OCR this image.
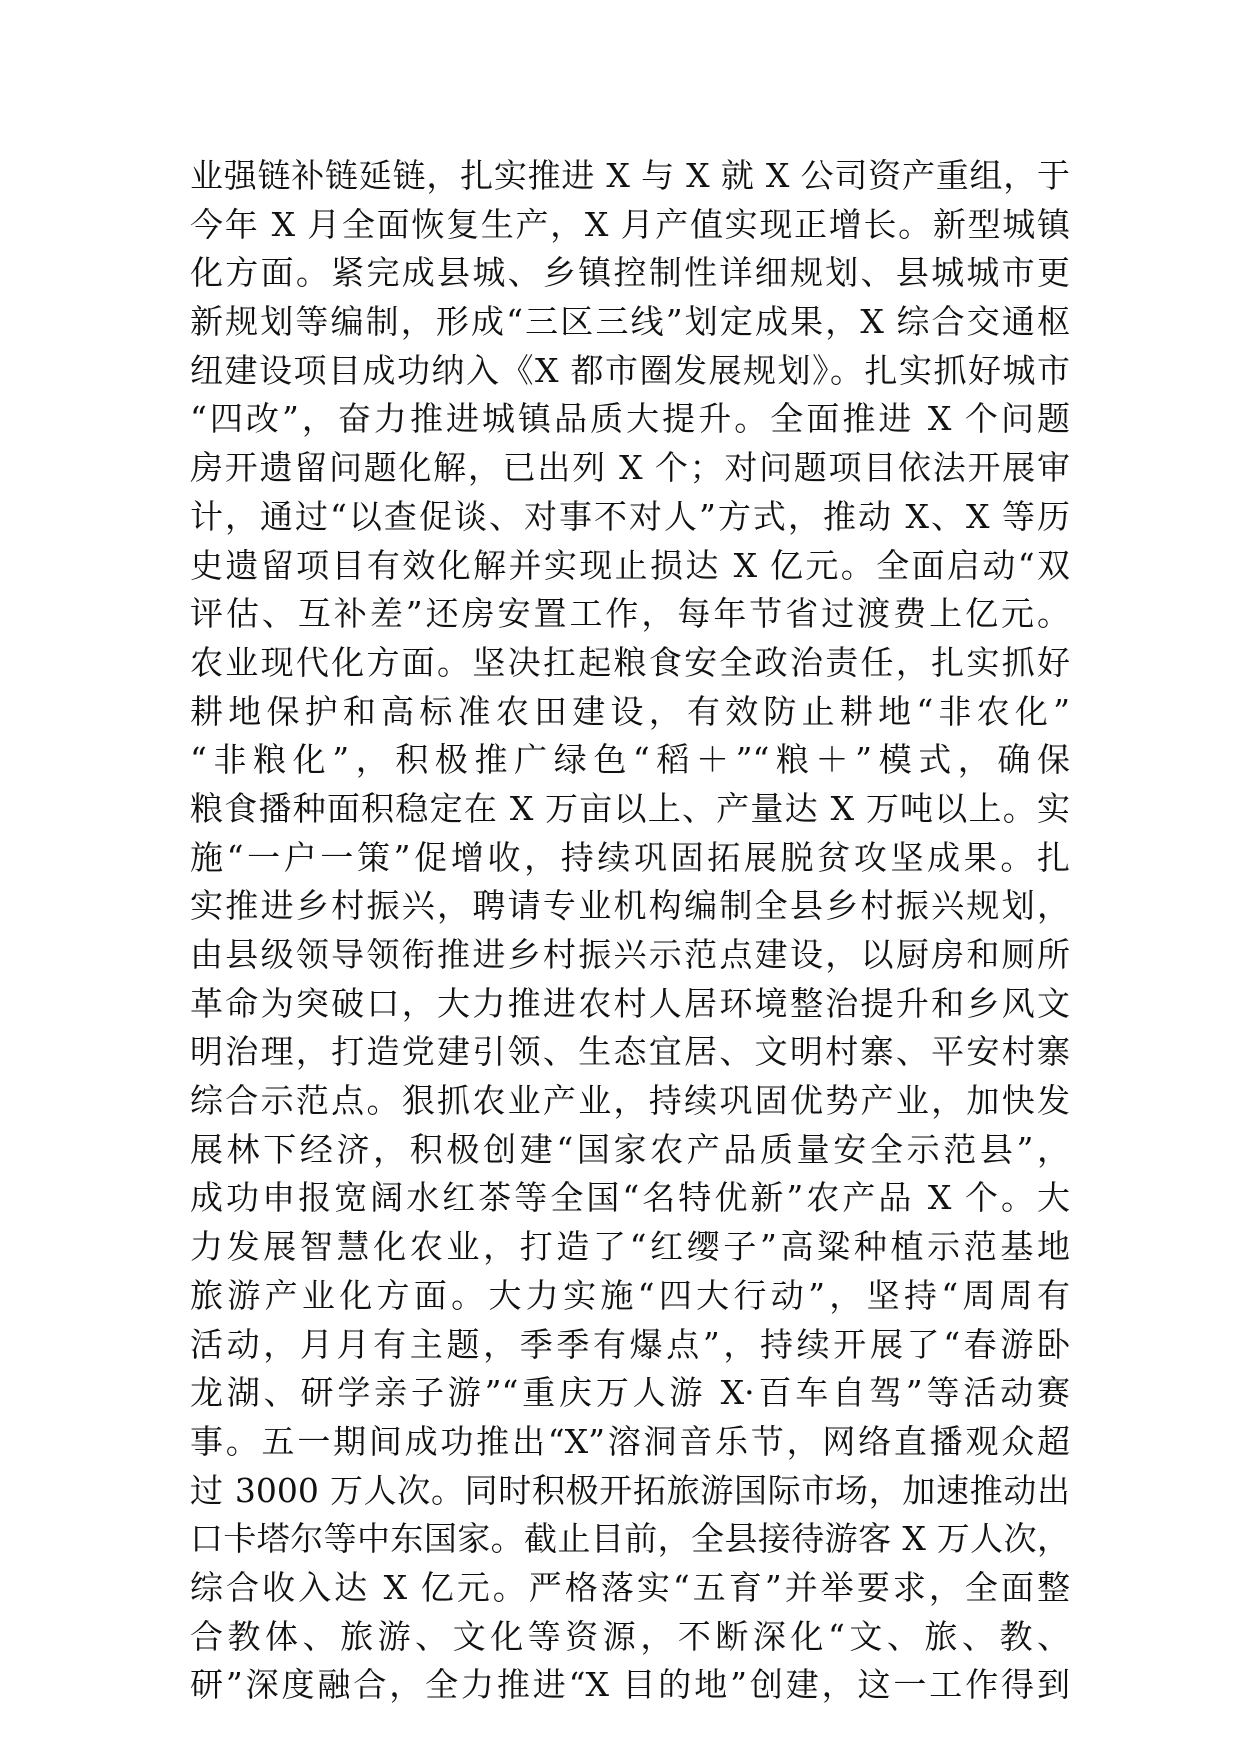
业强链补链延链，扎实推进 X 与 X 就 X 公司资产重组，于
今年 X 月全面恢复生产，X 月产值实现正增长。新型城镇
化方面。紧完成县城、乡镇控制性详细规划、县城城市更
新规划等编制，形成“三区三线”划定成果，X 综合交通枢
纽建设项目成功纳入《X 都市圈发展规划》。扎实抓好城市
“四改”，奋力推进城镇品质大提升。全面推进 X 个问题
房开遗留问题化解，已出列 X 个；对问题项目依法开展审
计，通过“以查促谈、对事不对人”方式，推动 X、X 等历
史遗留项目有效化解并实现止损达 X 亿元。全面启动“双
评估、互补差”还房安置工作，每年节省过渡费上亿元。
农业现代化方面。坚决扛起粮食安全政治责任，扎实抓好
耕地保护和高标准农田建设，有效防止耕地“非农化”
“非粮化”，积极推广绿色“稻＋”“粮＋”模式，确保
粮食播种面积稳定在 X 万亩以上、产量达 X 万吨以上。实
施“一户一策”促增收，持续巩固拓展脱贫攻坚成果。扎
实推进乡村振兴，聘请专业机构编制全县乡村振兴规划，
由县级领导领衔推进乡村振兴示范点建设，以厨房和厕所
革命为突破口，大力推进农村人居环境整治提升和乡风文
明治理，打造党建引领、生态宜居、文明村寨、平安村寨
综合示范点。狠抓农业产业，持续巩固优势产业，加快发
展林下经济，积极创建“国家农产品质量安全示范县”，
成功申报宽阔水红茶等全国“名特优新”农产品 X 个。大
力发展智慧化农业，打造了“红缨子”高粱种植示范基地
旅游产业化方面。大力实施“四大行动”，坚持“周周有
活动，月月有主题，季季有爆点”，持续开展了“春游卧
龙湖、研学亲子游”“重庆万人游 X·百车自驾”等活动赛
事。五一期间成功推出“X”溶洞音乐节，网络直播观众超
过 3000 万人次。同时积极开拓旅游国际市场，加速推动出
口卡塔尔等中东国家。截止目前，全县接待游客 X 万人次，
综合收入达 X 亿元。严格落实“五育”并举要求，全面整
合教体、旅游、文化等资源，不断深化“文、旅、教、
研”深度融合，全力推进“X 目的地”创建，这一工作得到
